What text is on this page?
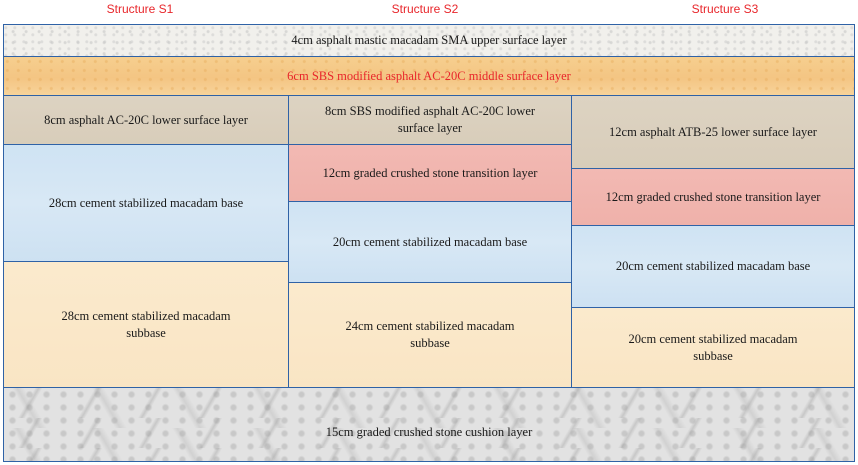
Structure S1	Structure S2	Structure S3
4cm asphalt mastic macadam SMA upper surface layer
6cm SBS modified asphalt AC-20C middle surface layer
8cm asphalt AC-20C lower surface layer
28cm cement stabilized macadam base
28cm cement stabilized macadam
subbase
8cm SBS modified asphalt AC-20C lower
surface layer
12cm graded crushed stone transition layer
20cm cement stabilized macadam base
24cm cement stabilized macadam
subbase
12cm asphalt ATB-25 lower surface layer
12cm graded crushed stone transition layer
20cm cement stabilized macadam base
20cm cement stabilized macadam
subbase
15cm graded crushed stone cushion layer
